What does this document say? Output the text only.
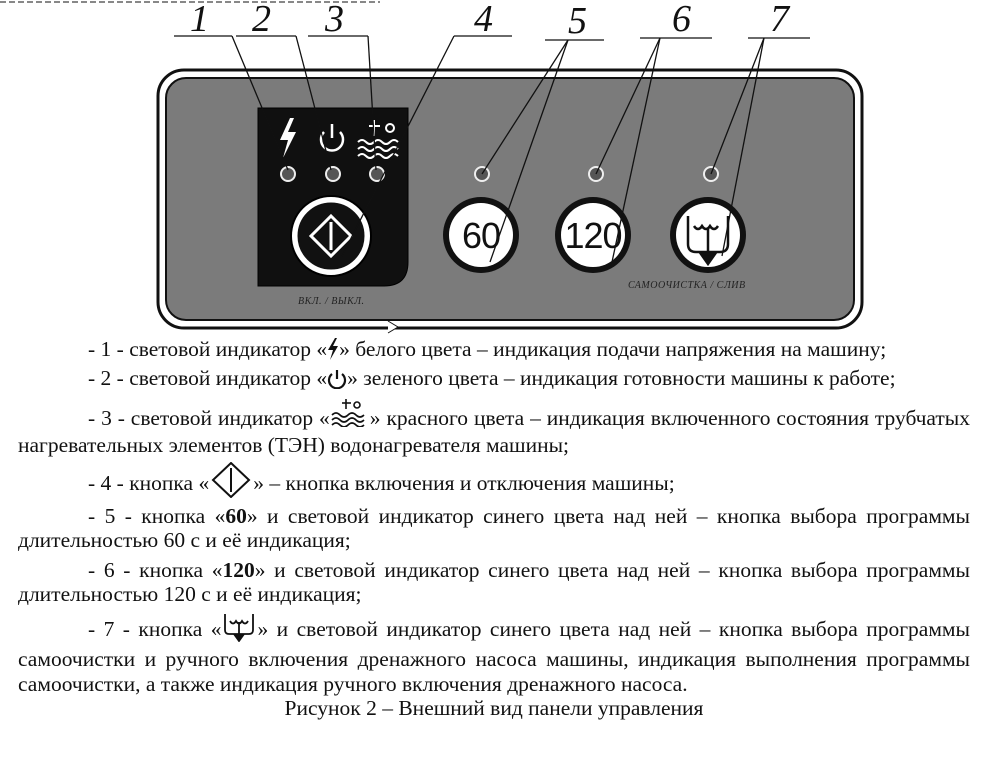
1 2 3	4 5 6 7
60	120
ВКЛ. / ВЫКЛ.
САМООЧИСТКА / СЛИВ

- 1 - световой индикатор « » белого цвета – индикация подачи напряжения на машину;

- 2 - световой индикатор « » зеленого цвета – индикация готовности машины к работе;

- 3 - световой индикатор « » красного цвета – индикация включенного состояния трубчатых нагревательных элементов (ТЭН) водонагревателя машины;

- 4 - кнопка « » – кнопка включения и отключения машины;

- 5 - кнопка «60» и световой индикатор синего цвета над ней – кнопка выбора программы длительностью 60 с и её индикация;

- 6 - кнопка «120» и световой индикатор синего цвета над ней – кнопка выбора программы длительностью 120 с и её индикация;

- 7 - кнопка « » и световой индикатор синего цвета над ней – кнопка выбора программы самоочистки и ручного включения дренажного насоса машины, индикация выполнения программы самоочистки, а также индикация ручного включения дренажного насоса.

Рисунок 2 – Внешний вид панели управления
